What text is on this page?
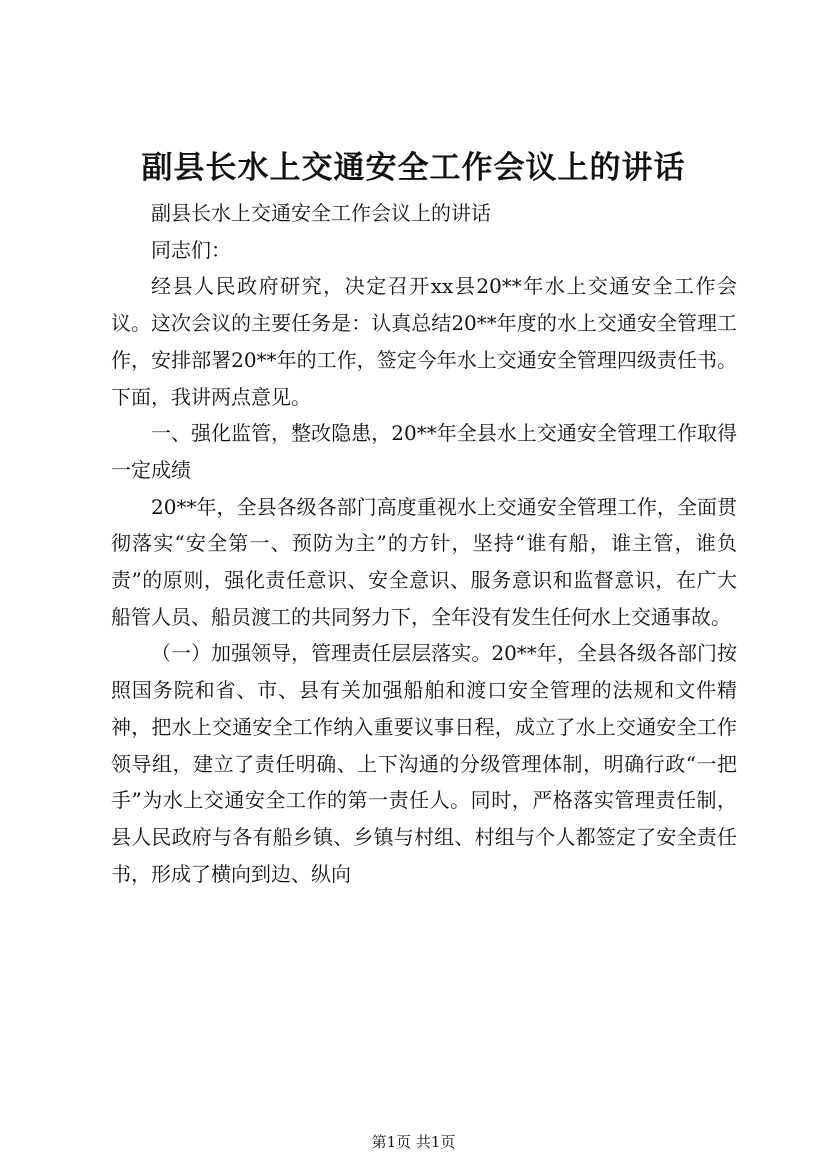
副县长水上交通安全工作会议上的讲话

副县长水上交通安全工作会议上的讲话

同志们：

经县人民政府研究，决定召开xx县20**年水上交通安全工作会议。这次会议的主要任务是：认真总结20**年度的水上交通安全管理工作，安排部署20**年的工作，签定今年水上交通安全管理四级责任书。下面，我讲两点意见。

一、强化监管，整改隐患，20**年全县水上交通安全管理工作取得一定成绩

20**年，全县各级各部门高度重视水上交通安全管理工作，全面贯彻落实“安全第一、预防为主”的方针，坚持“谁有船，谁主管，谁负责”的原则，强化责任意识、安全意识、服务意识和监督意识，在广大船管人员、船员渡工的共同努力下，全年没有发生任何水上交通事故。

（一）加强领导，管理责任层层落实。20**年，全县各级各部门按照国务院和省、市、县有关加强船舶和渡口安全管理的法规和文件精神，把水上交通安全工作纳入重要议事日程，成立了水上交通安全工作领导组，建立了责任明确、上下沟通的分级管理体制，明确行政“一把手”为水上交通安全工作的第一责任人。同时，严格落实管理责任制，县人民政府与各有船乡镇、乡镇与村组、村组与个人都签定了安全责任书，形成了横向到边、纵向

第1页 共1页
